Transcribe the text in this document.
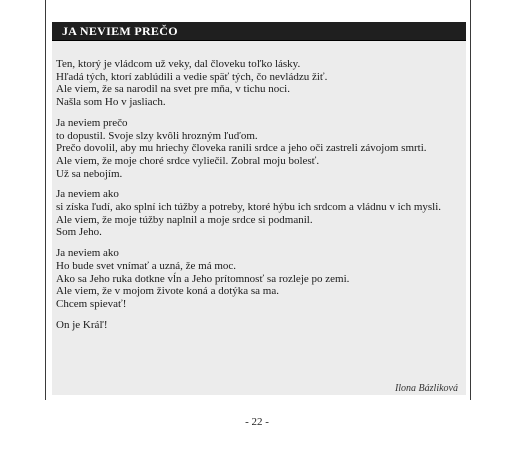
JA NEVIEM PREČO
Ten, ktorý je vládcom už veky, dal človeku toľko lásky.
Hľadá tých, ktorí zablúdili a vedie späť tých, čo nevládzu žiť.
Ale viem, že sa narodil na svet pre mňa, v tichu noci.
Našla som Ho v jasliach.
Ja neviem prečo
to dopustil. Svoje slzy kvôli hrozným ľuďom.
Prečo dovolil, aby mu hriechy človeka ranili srdce a jeho oči zastreli závojom smrti.
Ale viem, že moje choré srdce vyliečil. Zobral moju bolesť.
Už sa nebojím.
Ja neviem ako
si získa ľudí, ako splní ich túžby a potreby, ktoré hýbu ich srdcom a vládnu v ich mysli.
Ale viem, že moje túžby naplnil a moje srdce si podmanil.
Som Jeho.
Ja neviem ako
Ho bude svet vnímať a uzná, že má moc.
Ako sa Jeho ruka dotkne vĺn a Jeho prítomnosť sa rozleje po zemi.
Ale viem, že v mojom živote koná a dotýka sa ma.
Chcem spievať!

On je Kráľ!

Ilona Bázliková
- 22 -
